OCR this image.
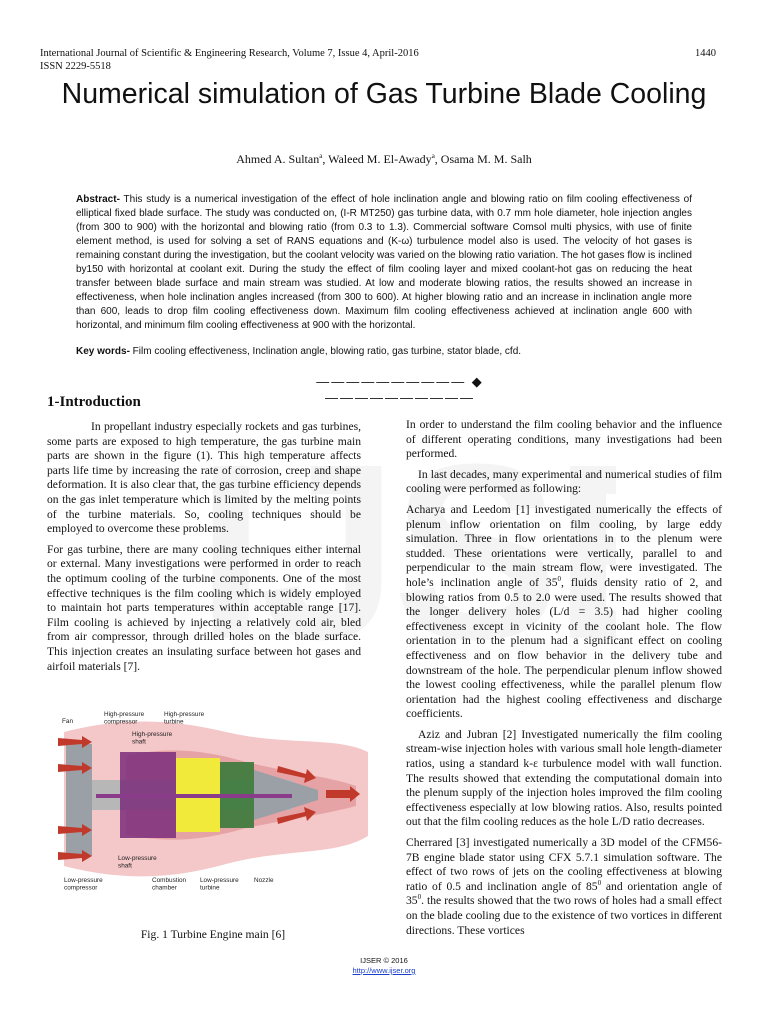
International Journal of Scientific & Engineering Research, Volume 7, Issue 4, April-2016
ISSN 2229-5518
1440
Numerical simulation of Gas Turbine Blade Cooling
Ahmed A. Sultan$^a$, Waleed M. El-Awady$^a$, Osama M. M. Salh
Abstract- This study is a numerical investigation of the effect of hole inclination angle and blowing ratio on film cooling effectiveness of elliptical fixed blade surface. The study was conducted on, (I-R MT250) gas turbine data, with 0.7 mm hole diameter, hole injection angles (from 300 to 900) with the horizontal and blowing ratio (from 0.3 to 1.3). Commercial software Comsol multi physics, with use of finite element method, is used for solving a set of RANS equations and (K-ω) turbulence model also is used. The velocity of hot gases is remaining constant during the investigation, but the coolant velocity was varied on the blowing ratio variation. The hot gases flow is inclined by150 with horizontal at coolant exit. During the study the effect of film cooling layer and mixed coolant-hot gas on reducing the heat transfer between blade surface and main stream was studied. At low and moderate blowing ratios, the results showed an increase in effectiveness, when hole inclination angles increased (from 300 to 600). At higher blowing ratio and an increase in inclination angle more than 600, leads to drop film cooling effectiveness down. Maximum film cooling effectiveness achieved at inclination angle 600 with horizontal, and minimum film cooling effectiveness at 900 with the horizontal.
Key words- Film cooling effectiveness, Inclination angle, blowing ratio, gas turbine, stator blade, cfd.
—————————— ◆ ——————————
1-Introduction

In propellant industry especially rockets and gas turbines, some parts are exposed to high temperature, the gas turbine main parts are shown in the figure (1). This high temperature affects parts life time by increasing the rate of corrosion, creep and shape deformation. It is also clear that, the gas turbine efficiency depends on the gas inlet temperature which is limited by the melting points of the turbine materials. So, cooling techniques should be employed to overcome these problems.

For gas turbine, there are many cooling techniques either internal or external. Many investigations were performed in order to reach the optimum cooling of the turbine components. One of the most effective techniques is the film cooling which is widely employed to maintain hot parts temperatures within acceptable range [17]. Film cooling is achieved by injecting a relatively cold air, bled from air compressor, through drilled holes on the blade surface. This injection creates an insulating surface between hot gases and airfoil materials [7].

Fan
High-pressure compressor
High-pressure turbine
High-pressure shaft
Low-pressure shaft
Low-pressure compressor
Combustion chamber
Low-pressure turbine
Nozzle
Fig. 1 Turbine Engine main [6]

In order to understand the film cooling behavior and the influence of different operating conditions, many investigations had been performed.

In last decades, many experimental and numerical studies of film cooling were performed as following:

Acharya and Leedom [1] investigated numerically the effects of plenum inflow orientation on film cooling, by large eddy simulation. Three in flow orientations in to the plenum were studded. These orientations were vertically, parallel to and perpendicular to the main stream flow, were investigated. The hole’s inclination angle of $35^0$, fluids density ratio of 2, and blowing ratios from 0.5 to 2.0 were used. The results showed that the longer delivery holes (L/d = 3.5) had higher cooling effectiveness except in vicinity of the coolant hole. The flow orientation in to the plenum had a significant effect on cooling effectiveness and on flow behavior in the delivery tube and downstream of the hole. The perpendicular plenum inflow showed the lowest cooling effectiveness, while the parallel plenum flow orientation had the highest cooling effectiveness and discharge coefficients.

Aziz and Jubran [2] Investigated numerically the film cooling stream-wise injection holes with various small hole length-diameter ratios, using a standard k-ε turbulence model with wall function. The results showed that extending the computational domain into the plenum supply of the injection holes improved the film cooling effectiveness especially at low blowing ratios. Also, results pointed out that the film cooling reduces as the hole L/D ratio decreases.

Cherrared [3] investigated numerically a 3D model of the CFM56-7B engine blade stator using CFX 5.7.1 simulation software. The effect of two rows of jets on the cooling effectiveness at blowing ratio of 0.5 and inclination angle of $85^0$ and orientation angle of $35^0$. the results showed that the two rows of holes had a small effect on the blade cooling due to the existence of two vortices in different directions. These vortices

IJSER © 2016
http://www.ijser.org
